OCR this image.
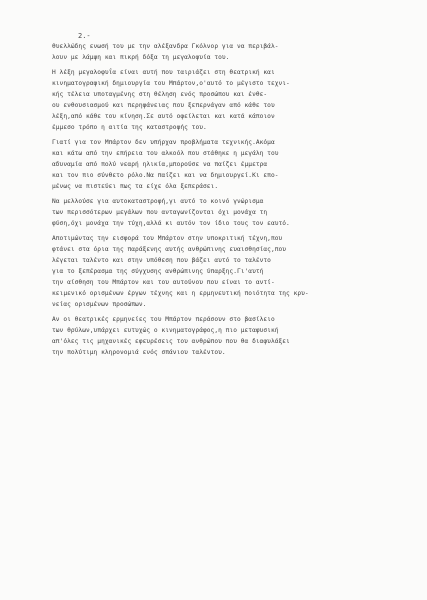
2.-
θυελλώδης ενωσή του με την αλέξανδρα Γκόλνορ για να περιβάλ-
λουν με λάμψη και πικρή δόξα τη μεγαλοφυία του.
Η λέξη μεγαλοφυΐα είναι αυτή που ταιριάζει στη θεατρική και
κινηματογραφική δημιουργία του Μπάρτον,ο'αυτό το μέγιστο τεχνι-
κής τέλεια υποταγμένης στη θέληση ενός προσώπου και ένθε-
ου ενθουσιασμού και περηφάνειας που ξεπερνάγαν από κάθε του
λέξη,από κάθε του κίνηση.Σε αυτό οφείλεται και κατά κάποιον
έμμεσο τρόπο η αιτία της καταστροφής του.
Γιατί για τον Μπάρτον δεν υπήρχαν προβλήματα τεχνικής.Ακόμα
και κάτω από την επήρεια του αλκοόλ που στάθηκε η μεγάλη του
αδυναμία από πολύ νεαρή ηλικία,μπορούσε να παίζει έμμετρα
και τον πιο σύνθετο ρόλο.Να παίζει και να δημιουργεί.Κι επο-
μένως να πιστεύει πως τα είχε όλα ξεπεράσει.
Να μελλούσε για αυτοκαταστροφή,γι αυτό το κοινό γνώρισμα
των περισσότερων μεγάλων που ανταγωνίζονται όχι μονάχα τη
φύση,όχι μονάχα την τύχη,αλλά κι αυτόν τον ίδιο τους τον εαυτό.
Αποτιμώντας την εισφορά του Μπάρτον στην υποκριτική τέχνη,που
φτάνει στα όρια της παράξενης αυτής ανθρώπινης ευαισθησίας,που
λέγεται ταλέντο και στην υπόθεση που βάζει αυτό το ταλέντο
για το ξεπέρασμα της σύγχυσης ανθρώπινης ύπαρξης.Γι'αυτή
την αίσθηση του Μπάρτον και του αυτούνου που είναι το αντί-
κειμενικό ορισμένων έργων τέχνης και η ερμηνευτική ποιότητα της κρυ-
νείας ορισμένων προσώπων.
Αν οι θεατρικές ερμηνείες του Μπάρτον περάσουν στο βασίλειο
των θρύλων,υπάρχει ευτυχώς ο κινηματογράφος,η πιο μεταφυσική
απ'όλες τις μηχανικές εφευρέσεις του ανθρώπου που θα διαφυλάξει
την πολύτιμη κληρονομιά ενός σπάνιου ταλέντου.
